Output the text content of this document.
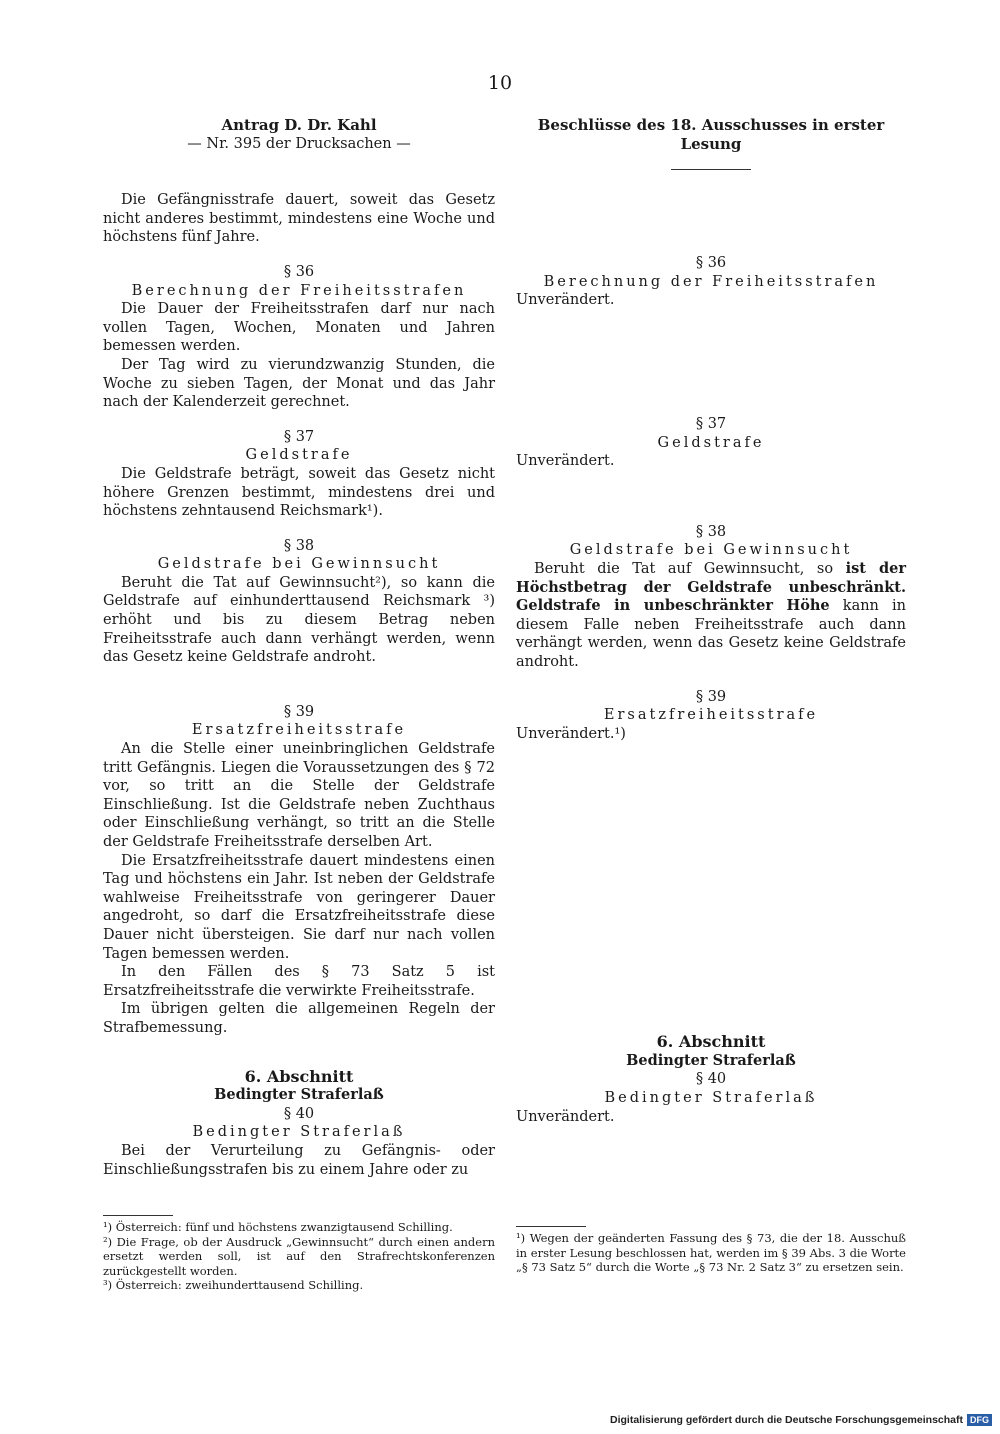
10
Antrag D. Dr. Kahl
— Nr. 395 der Drucksachen —

Die Gefängnisstrafe dauert, soweit das Gesetz nicht anderes bestimmt, mindestens eine Woche und höchstens fünf Jahre.

§ 36
Berechnung der Freiheitsstrafen

Die Dauer der Freiheitsstrafen darf nur nach vollen Tagen, Wochen, Monaten und Jahren bemessen werden.

Der Tag wird zu vierundzwanzig Stunden, die Woche zu sieben Tagen, der Monat und das Jahr nach der Kalenderzeit gerechnet.

§ 37
Geldstrafe

Die Geldstrafe beträgt, soweit das Gesetz nicht höhere Grenzen bestimmt, mindestens drei und höchstens zehntausend Reichsmark¹).

§ 38
Geldstrafe bei Gewinnsucht

Beruht die Tat auf Gewinnsucht²), so kann die Geldstrafe auf einhunderttausend Reichsmark ³) erhöht und bis zu diesem Betrag neben Freiheitsstrafe auch dann verhängt werden, wenn das Gesetz keine Geldstrafe androht.

§ 39
Ersatzfreiheitsstrafe

An die Stelle einer uneinbringlichen Geldstrafe tritt Gefängnis. Liegen die Voraussetzungen des § 72 vor, so tritt an die Stelle der Geldstrafe Einschließung. Ist die Geldstrafe neben Zuchthaus oder Einschließung verhängt, so tritt an die Stelle der Geldstrafe Freiheitsstrafe derselben Art.

Die Ersatzfreiheitsstrafe dauert mindestens einen Tag und höchstens ein Jahr. Ist neben der Geldstrafe wahlweise Freiheitsstrafe von geringerer Dauer angedroht, so darf die Ersatzfreiheitsstrafe diese Dauer nicht übersteigen. Sie darf nur nach vollen Tagen bemessen werden.

In den Fällen des § 73 Satz 5 ist Ersatzfreiheitsstrafe die verwirkte Freiheitsstrafe.

Im übrigen gelten die allgemeinen Regeln der Strafbemessung.

6. Abschnitt
Bedingter Straferlaß
§ 40
Bedingter Straferlaß

Bei der Verurteilung zu Gefängnis- oder Einschließungsstrafen bis zu einem Jahre oder zu

Beschlüsse des 18. Ausschusses in erster Lesung
§ 36
Berechnung der Freiheitsstrafen

Unverändert.

§ 37
Geldstrafe

Unverändert.

§ 38
Geldstrafe bei Gewinnsucht

Beruht die Tat auf Gewinnsucht, so ist der Höchstbetrag der Geldstrafe unbeschränkt. Geldstrafe in unbeschränkter Höhe kann in diesem Falle neben Freiheitsstrafe auch dann verhängt werden, wenn das Gesetz keine Geldstrafe androht.

§ 39
Ersatzfreiheitsstrafe

Unverändert.¹)

6. Abschnitt
Bedingter Straferlaß
§ 40
Bedingter Straferlaß

Unverändert.

¹) Österreich: fünf und höchstens zwanzigtausend Schilling.

²) Die Frage, ob der Ausdruck „Gewinnsucht“ durch einen andern ersetzt werden soll, ist auf den Strafrechtskonferenzen zurückgestellt worden.

³) Österreich: zweihunderttausend Schilling.

¹) Wegen der geänderten Fassung des § 73, die der 18. Ausschuß in erster Lesung beschlossen hat, werden im § 39 Abs. 3 die Worte „§ 73 Satz 5“ durch die Worte „§ 73 Nr. 2 Satz 3“ zu ersetzen sein.

Digitalisierung gefördert durch die Deutsche Forschungsgemeinschaft DFG
